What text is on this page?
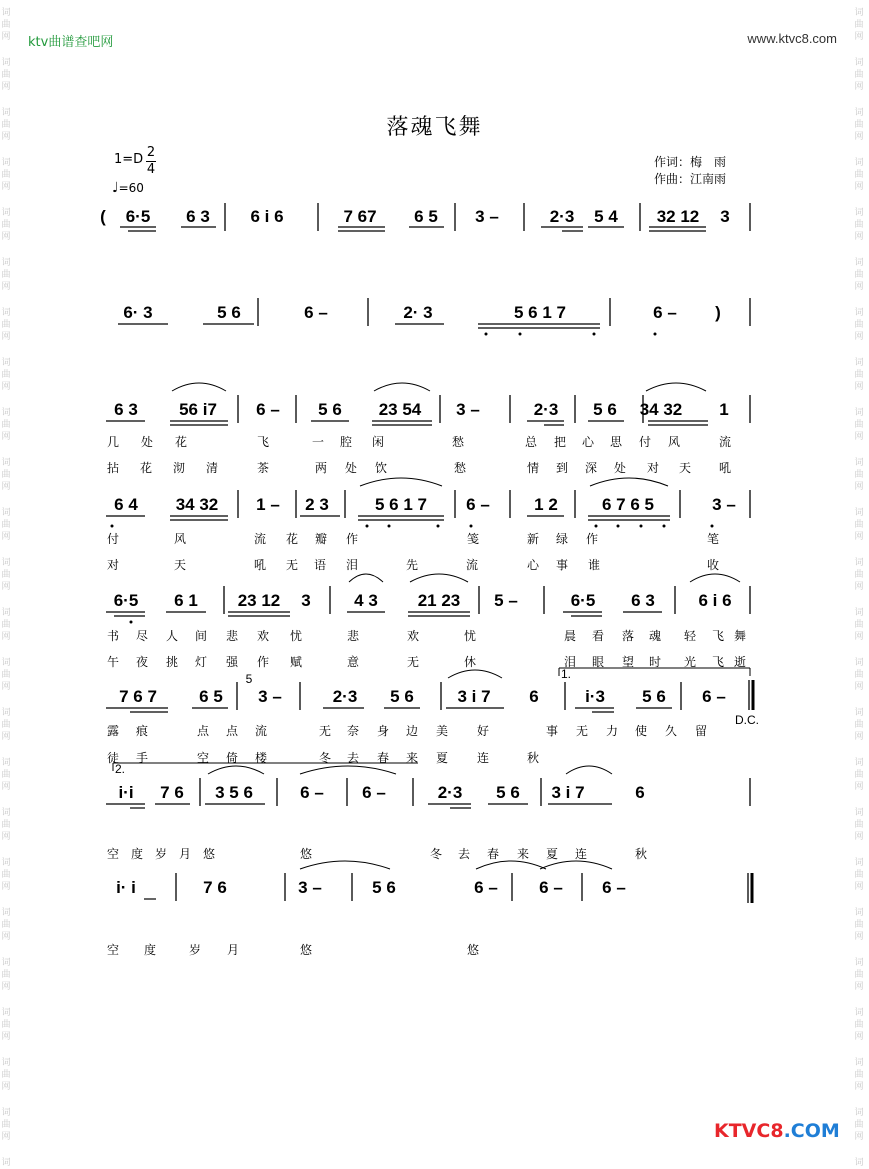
词
曲
网
词
曲
网
词
曲
网
词
曲
网
词
曲
网
词
曲
网
词
曲
网
词
曲
网
词
曲
网
词
曲
网
词
曲
网
词
曲
网
词
曲
网
词
曲
网
词
曲
网
词
曲
网
词
曲
网
词
曲
网
词
曲
网
词
曲
网
词
曲
网
词
曲
网
词
曲
网
词
词
曲
网
词
曲
网
词
曲
网
词
曲
网
词
曲
网
词
曲
网
词
曲
网
词
曲
网
词
曲
网
词
曲
网
词
曲
网
词
曲
网
词
曲
网
词
曲
网
词
曲
网
词
曲
网
词
曲
网
词
曲
网
词
曲
网
词
曲
网
词
曲
网
词
曲
网
词
曲
网
词
ktv曲谱查吧网	www.ktvc8.com
落魂飞舞
1=D 2
4
♩=60
作词：梅　雨
作曲：江南雨
( 6·5 6 3 6 i 6	7 67 6 5 3 –	2·3 5 4 32 12 3
6· 3	5 6	6 –	2· 3	5 6 1 7	6 – )
6 3 56 i7 6 – 5 6 23 54 3 –	2·3 5 6 34 32 1
几 处 花	飞	一 腔 闲	愁	总 把 心 思 付 风	流
拈 花 沏 清	茶	两 处 饮	愁	情 到 深 处 对 天 吼
6 4 34 32 1 – 2 3	5 6 1 7 6 –	1 2	6 7 6 5	3 –
付	风	流 花 瓣 作	笺	新 绿 作	笔
对	天	吼 无 语 泪	先	流	心 事 谁	收
6·5 6 1 23 12 3	4 3 21 23 5 –	6·5 6 3	6 i 6
书 尽 人 间 悲 欢 忧	悲	欢	忧	晨 看 落 魂 轻 飞 舞
午 夜 挑 灯 强 作 赋	意	无	休	泪 眼 望 时 光 飞 逝
1.
7 6 7 6 5 3 –	2·3 5 6	3 i 7 6	i·3 5 6 6 –
5
D.C.
露 痕	点 点 流	无 奈 身 边 美 好	事 无 力 使 久 留
徒 手	空 倚 楼	冬 去 春 来 夏 连	秋
2.
i·i 7 6 3 5 6	6 – 6 –	2·3 5 6 3 i 7	6
空 度 岁 月 悠	悠	冬 去 春 来 夏 连	秋
i· i	7 6	3 –	5 6	6 – 6 – 6 –
空 度	岁 月	悠	悠
KTVC8.COM
